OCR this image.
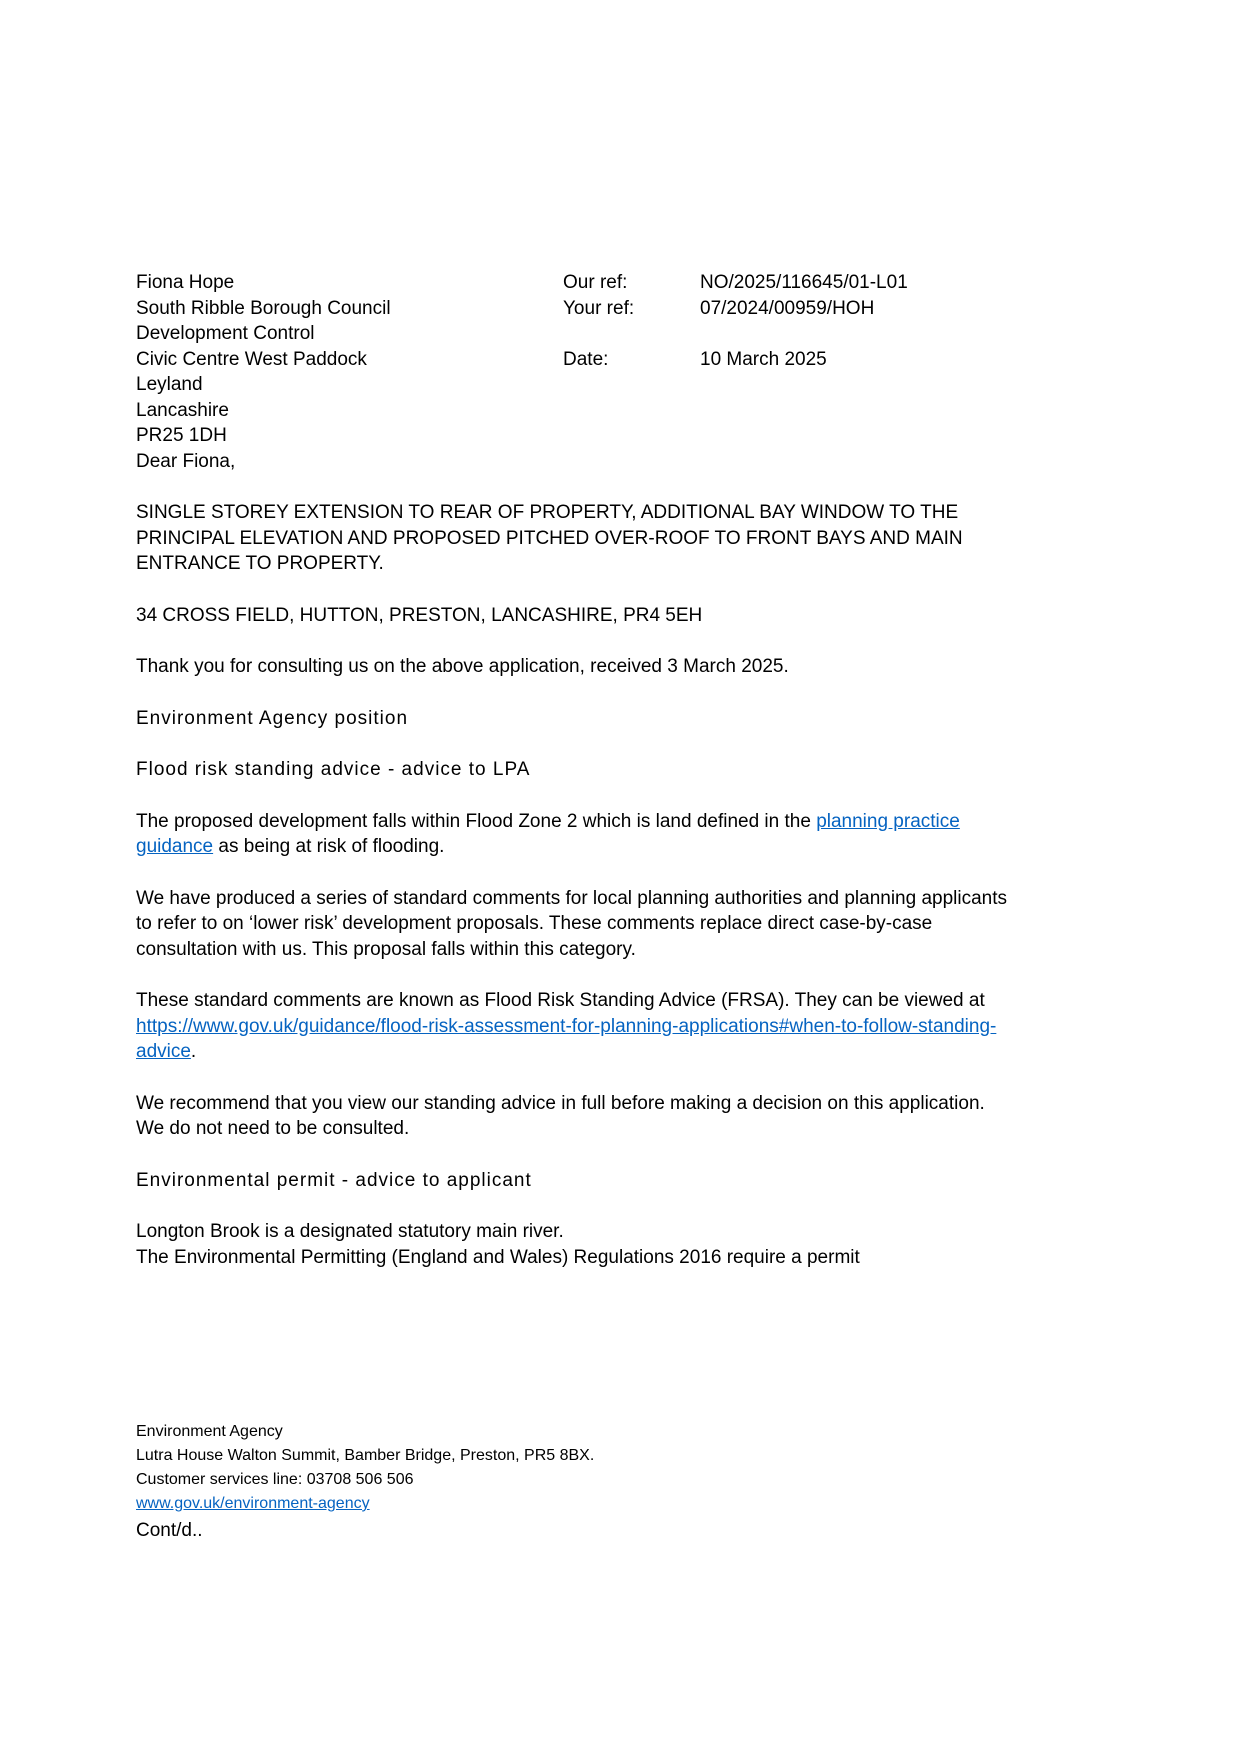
Fiona Hope
South Ribble Borough Council
Development Control
Civic Centre West Paddock
Leyland
Lancashire
PR25 1DH
Our ref:	NO/2025/116645/01-L01
Your ref:	07/2024/00959/HOH
Date:	10 March 2025
Dear Fiona,
SINGLE STOREY EXTENSION TO REAR OF PROPERTY, ADDITIONAL BAY WINDOW TO THE PRINCIPAL ELEVATION AND PROPOSED PITCHED OVER-ROOF TO FRONT BAYS AND MAIN ENTRANCE TO PROPERTY.
34 CROSS FIELD, HUTTON, PRESTON, LANCASHIRE, PR4 5EH
Thank you for consulting us on the above application, received 3 March 2025.
Environment Agency position
Flood risk standing advice - advice to LPA
The proposed development falls within Flood Zone 2 which is land defined in the planning practice guidance as being at risk of flooding.
We have produced a series of standard comments for local planning authorities and planning applicants to refer to on ‘lower risk’ development proposals. These comments replace direct case-by-case consultation with us. This proposal falls within this category.
These standard comments are known as Flood Risk Standing Advice (FRSA). They can be viewed at https://www.gov.uk/guidance/flood-risk-assessment-for-planning-applications#when-to-follow-standing-advice.
We recommend that you view our standing advice in full before making a decision on this application. We do not need to be consulted.
Environmental permit - advice to applicant
Longton Brook is a designated statutory main river.
The Environmental Permitting (England and Wales) Regulations 2016 require a permit
Environment Agency
Lutra House Walton Summit, Bamber Bridge, Preston, PR5 8BX.
Customer services line: 03708 506 506
www.gov.uk/environment-agency
Cont/d..
